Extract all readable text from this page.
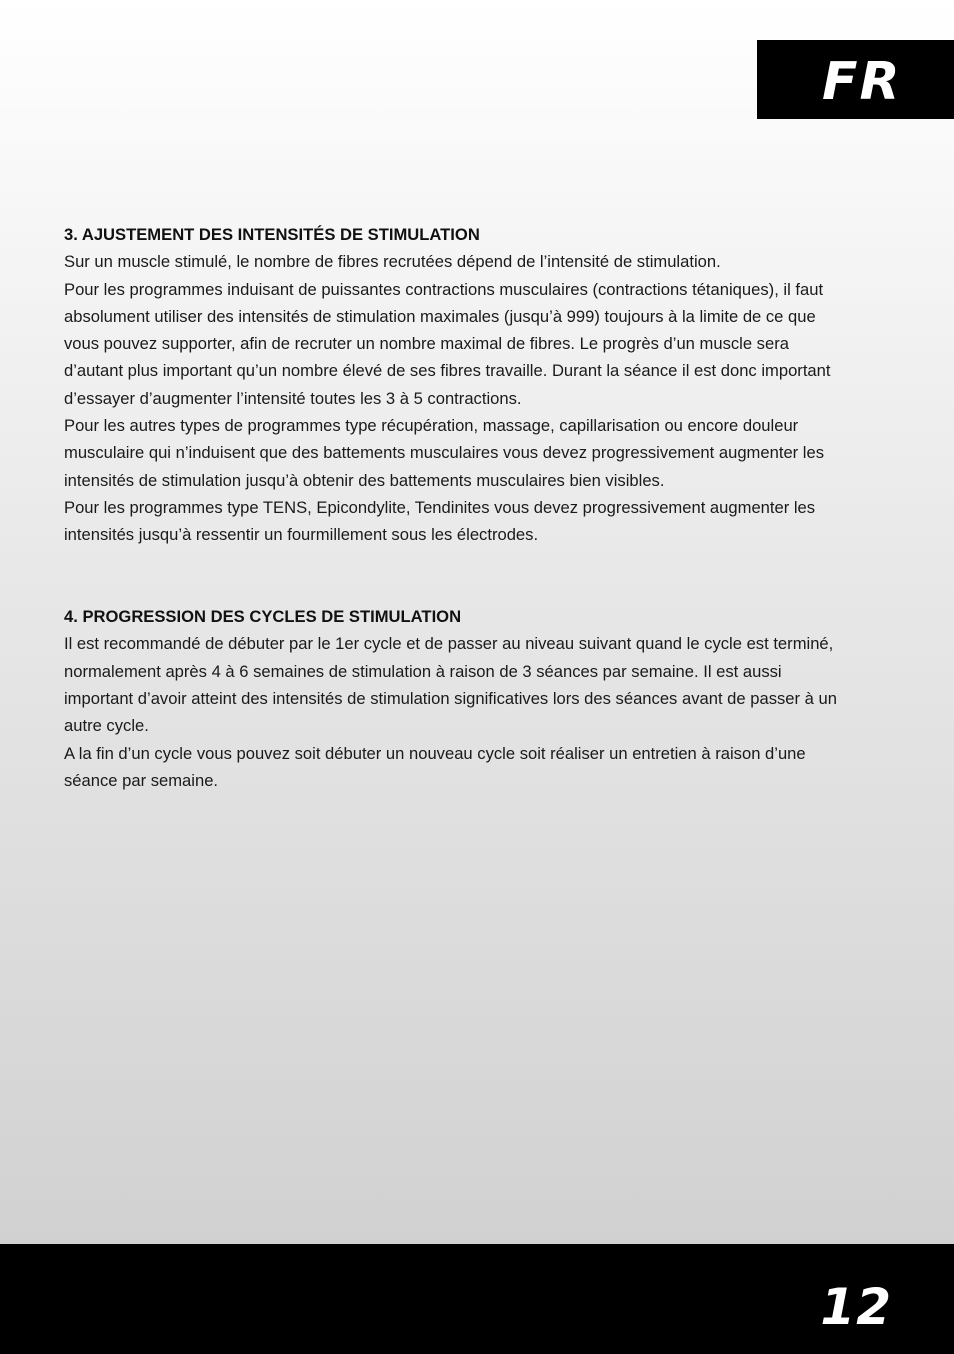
FR
3. AJUSTEMENT DES INTENSITÉS DE STIMULATION

Sur un muscle stimulé, le nombre de fibres recrutées dépend de l’intensité de stimulation.

Pour les programmes induisant de puissantes contractions musculaires (contractions tétaniques), il faut

absolument utiliser des intensités de stimulation maximales (jusqu’à 999) toujours à la limite de ce que

vous pouvez supporter, afin de recruter un nombre maximal de fibres. Le progrès d’un muscle sera

d’autant plus important qu’un nombre élevé de ses fibres travaille. Durant la séance il est donc important

d’essayer d’augmenter l’intensité toutes les 3 à 5 contractions.

Pour les autres types de programmes type récupération, massage, capillarisation ou encore douleur

musculaire qui n’induisent que des battements musculaires vous devez progressivement augmenter les

intensités de stimulation jusqu’à obtenir des battements musculaires bien visibles.

Pour les programmes type TENS, Epicondylite, Tendinites vous devez progressivement augmenter les

intensités jusqu’à ressentir un fourmillement sous les électrodes.

4. PROGRESSION DES CYCLES DE STIMULATION

Il est recommandé de débuter par le 1er cycle et de passer au niveau suivant quand le cycle est terminé,

normalement après 4 à 6 semaines de stimulation à raison de 3 séances par semaine. Il est aussi

important d’avoir atteint des intensités de stimulation significatives lors des séances avant de passer à un

autre cycle.

A la fin d’un cycle vous pouvez soit débuter un nouveau cycle soit réaliser un entretien à raison d’une

séance par semaine.

12
